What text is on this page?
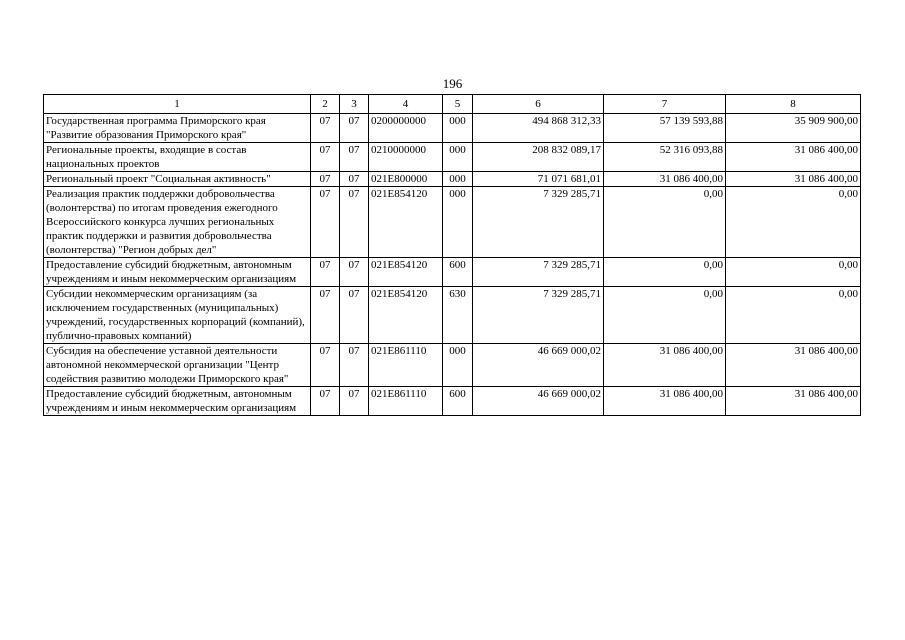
196
1	2	3	4	5	6	7	8
Государственная программа Приморского края "Развитие образования Приморского края"	07	07	0200000000	000	494 868 312,33	57 139 593,88	35 909 900,00
Региональные проекты, входящие в состав национальных проектов	07	07	0210000000	000	208 832 089,17	52 316 093,88	31 086 400,00
Региональный проект "Социальная активность"	07	07	021E800000	000	71 071 681,01	31 086 400,00	31 086 400,00
Реализация практик поддержки добровольчества (волонтерства) по итогам проведения ежегодного Всероссийского конкурса лучших региональных практик поддержки и развития добровольчества (волонтерства) "Регион добрых дел"	07	07	021E854120	000	7 329 285,71	0,00	0,00
Предоставление субсидий бюджетным, автономным учреждениям и иным некоммерческим организациям	07	07	021E854120	600	7 329 285,71	0,00	0,00
Субсидии некоммерческим организациям (за исключением государственных (муниципальных) учреждений, государственных корпораций (компаний), публично-правовых компаний)	07	07	021E854120	630	7 329 285,71	0,00	0,00
Субсидия на обеспечение уставной деятельности автономной некоммерческой организации "Центр содействия развитию молодежи Приморского края"	07	07	021E861110	000	46 669 000,02	31 086 400,00	31 086 400,00
Предоставление субсидий бюджетным, автономным учреждениям и иным некоммерческим организациям	07	07	021E861110	600	46 669 000,02	31 086 400,00	31 086 400,00
